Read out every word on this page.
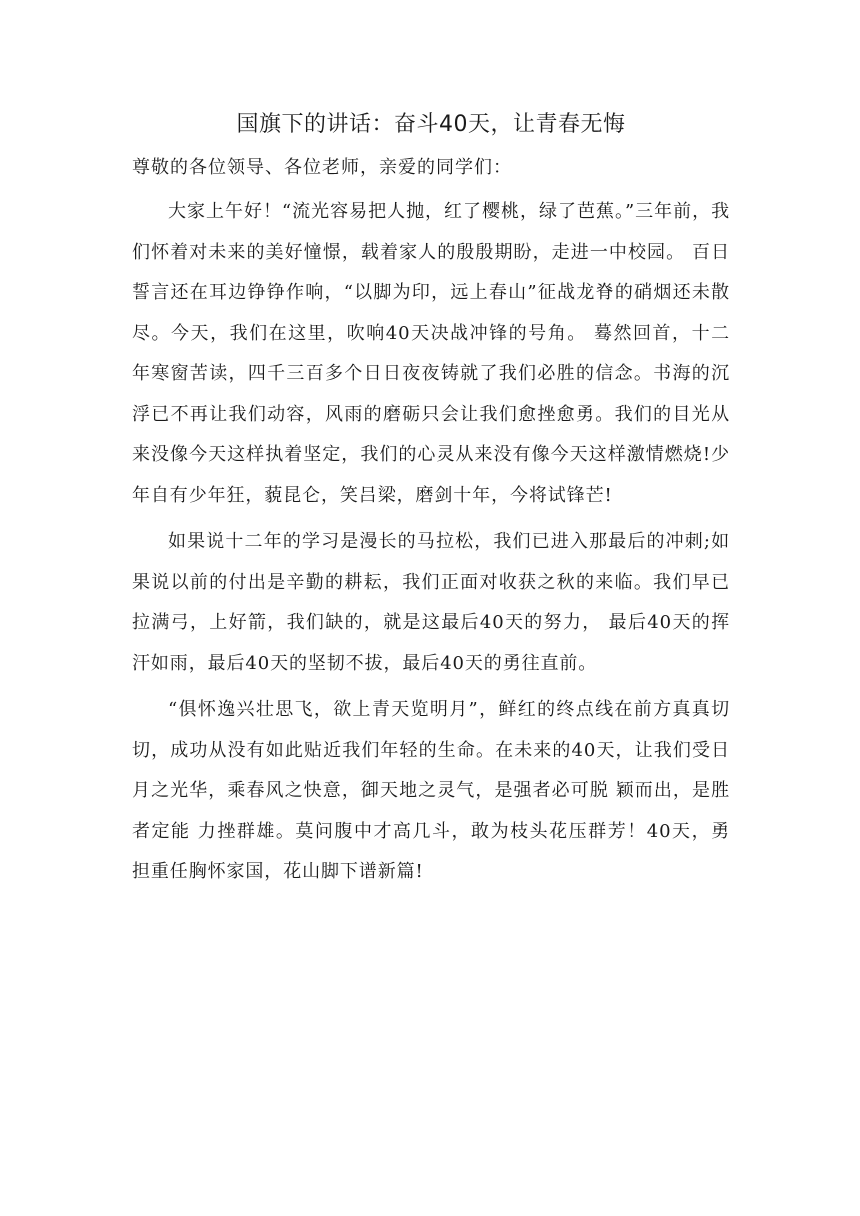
国旗下的讲话：奋斗40天，让青春无悔

尊敬的各位领导、各位老师，亲爱的同学们：

大家上午好！“流光容易把人抛，红了樱桃，绿了芭蕉。”三年前，我们怀着对未来的美好憧憬，载着家人的殷殷期盼，走进一中校园。 百日誓言还在耳边铮铮作响，“以脚为印，远上春山”征战龙脊的硝烟还未散尽。今天，我们在这里，吹响40天决战冲锋的号角。 蓦然回首，十二年寒窗苦读，四千三百多个日日夜夜铸就了我们必胜的信念。书海的沉浮已不再让我们动容，风雨的磨砺只会让我们愈挫愈勇。我们的目光从来没像今天这样执着坚定，我们的心灵从来没有像今天这样激情燃烧!少年自有少年狂，藐昆仑，笑吕梁，磨剑十年，今将试锋芒!

如果说十二年的学习是漫长的马拉松，我们已进入那最后的冲刺;如果说以前的付出是辛勤的耕耘，我们正面对收获之秋的来临。我们早已拉满弓，上好箭，我们缺的，就是这最后40天的努力， 最后40天的挥汗如雨，最后40天的坚韧不拔，最后40天的勇往直前。

“俱怀逸兴壮思飞，欲上青天览明月”，鲜红的终点线在前方真真切切，成功从没有如此贴近我们年轻的生命。在未来的40天，让我们受日月之光华，乘春风之快意，御天地之灵气，是强者必可脱 颖而出，是胜者定能 力挫群雄。莫问腹中才高几斗，敢为枝头花压群芳！40天，勇担重任胸怀家国，花山脚下谱新篇!
